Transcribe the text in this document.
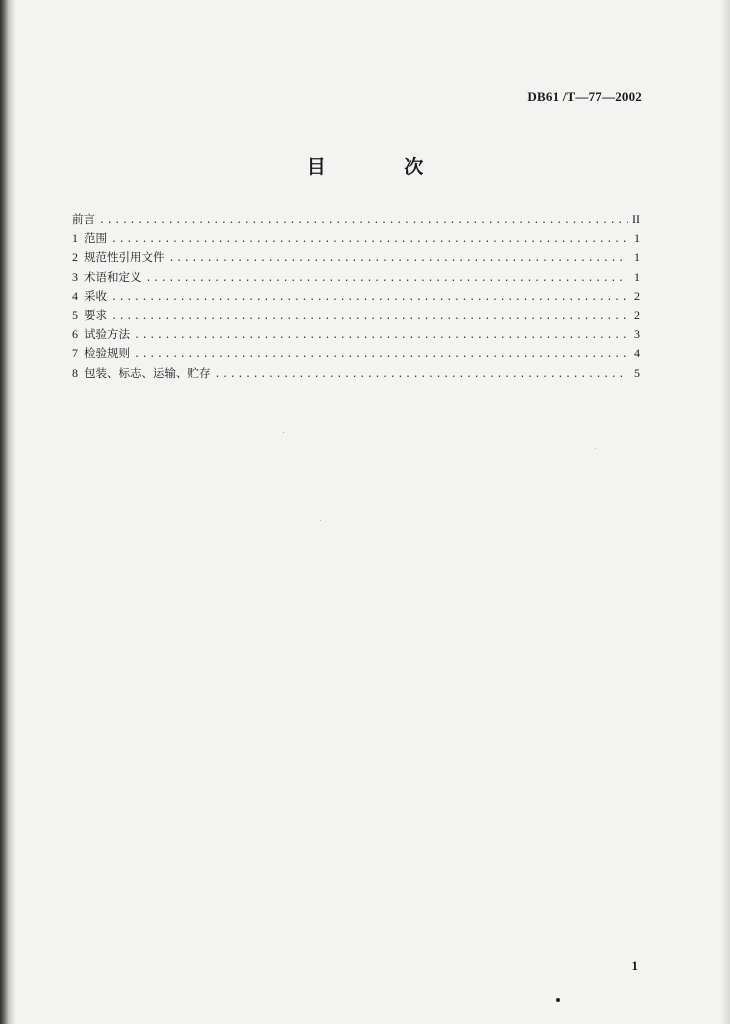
DB61 /T—77—2002
目 次
前言 .....	II
1 范围 .....	1
2 规范性引用文件 .....	1
3 术语和定义 .....	1
4 采收 .....	2
5 要求 .....	2
6 试验方法 .....	3
7 检验规则 .....	4
8 包装、标志、运输、贮存 .....	5
1
